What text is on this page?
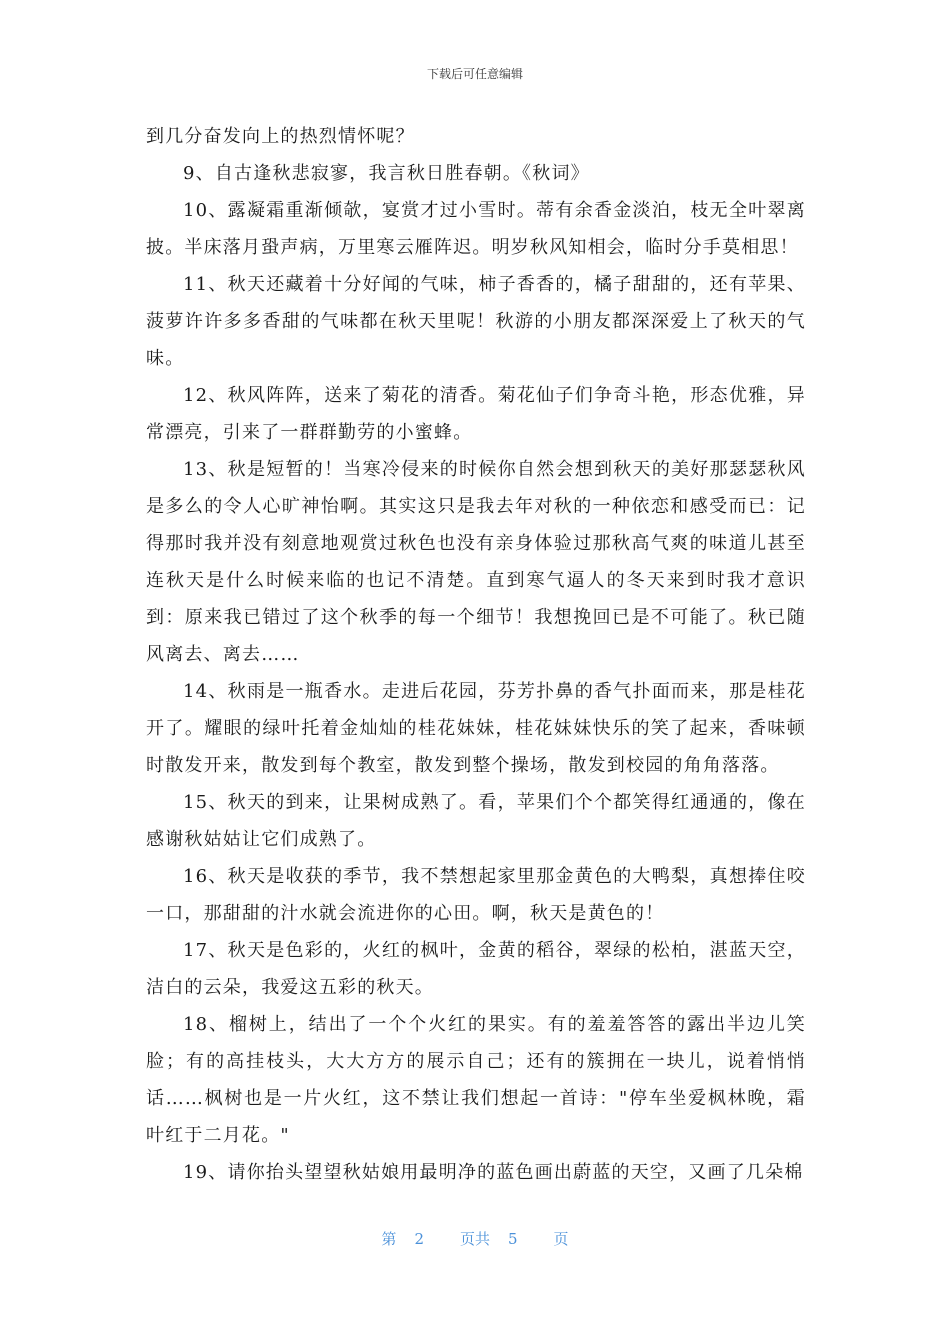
下载后可任意编辑

到几分奋发向上的热烈情怀呢？

9、自古逢秋悲寂寥，我言秋日胜春朝。《秋词》

10、露凝霜重渐倾欹，宴赏才过小雪时。蒂有余香金淡泊，枝无全叶翠离披。半床落月蛩声病，万里寒云雁阵迟。明岁秋风知相会，临时分手莫相思！

11、秋天还藏着十分好闻的气味，柿子香香的，橘子甜甜的，还有苹果、菠萝许许多多香甜的气味都在秋天里呢！秋游的小朋友都深深爱上了秋天的气味。

12、秋风阵阵，送来了菊花的清香。菊花仙子们争奇斗艳，形态优雅，异常漂亮，引来了一群群勤劳的小蜜蜂。

13、秋是短暂的！当寒冷侵来的时候你自然会想到秋天的美好那瑟瑟秋风是多么的令人心旷神怡啊。其实这只是我去年对秋的一种依恋和感受而已：记得那时我并没有刻意地观赏过秋色也没有亲身体验过那秋高气爽的味道儿甚至连秋天是什么时候来临的也记不清楚。直到寒气逼人的冬天来到时我才意识到：原来我已错过了这个秋季的每一个细节！我想挽回已是不可能了。秋已随风离去、离去……

14、秋雨是一瓶香水。走进后花园，芬芳扑鼻的香气扑面而来，那是桂花开了。耀眼的绿叶托着金灿灿的桂花妹妹，桂花妹妹快乐的笑了起来，香味顿时散发开来，散发到每个教室，散发到整个操场，散发到校园的角角落落。

15、秋天的到来，让果树成熟了。看，苹果们个个都笑得红通通的，像在感谢秋姑姑让它们成熟了。

16、秋天是收获的季节，我不禁想起家里那金黄色的大鸭梨，真想捧住咬一口，那甜甜的汁水就会流进你的心田。啊，秋天是黄色的！

17、秋天是色彩的，火红的枫叶，金黄的稻谷，翠绿的松柏，湛蓝天空，洁白的云朵，我爱这五彩的秋天。

18、榴树上，结出了一个个火红的果实。有的羞羞答答的露出半边儿笑脸；有的高挂枝头，大大方方的展示自己；还有的簇拥在一块儿，说着悄悄话……枫树也是一片火红，这不禁让我们想起一首诗："停车坐爱枫林晚，霜叶红于二月花。"

19、请你抬头望望秋姑娘用最明净的蓝色画出蔚蓝的天空，又画了几朵棉

第 2 页共 5 页
